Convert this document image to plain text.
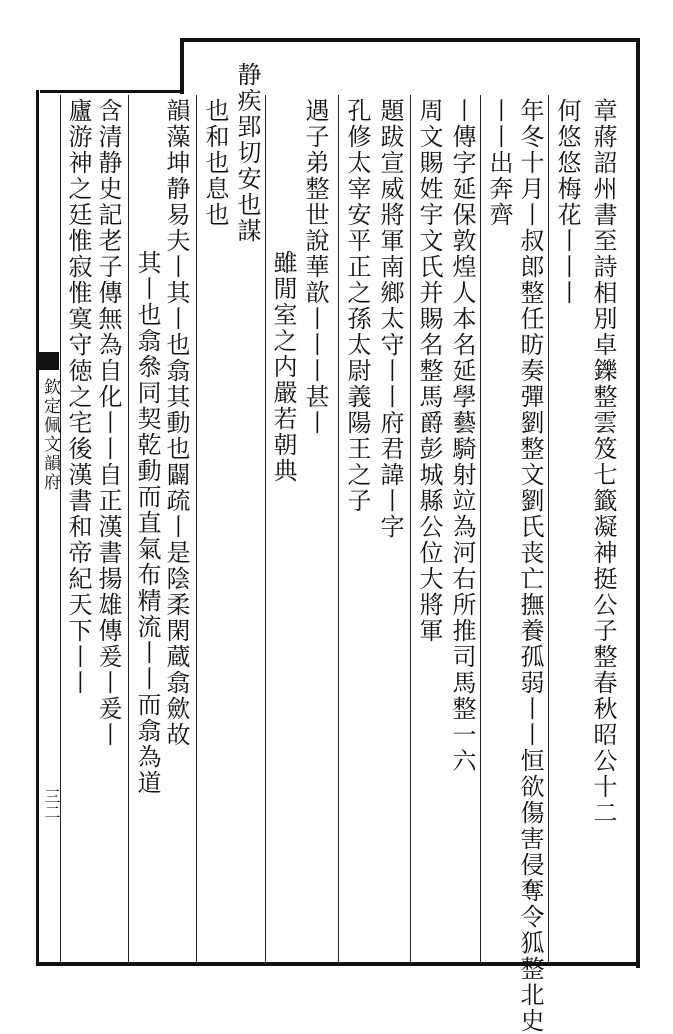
欽定佩文韻府
三二	章蔣詔州書至詩相別卓鑠整雲笈七籤凝神挺公子整春秋昭公十二
何悠悠梅花丨丨丨
年冬十月丨叔郎整任昉奏彈劉整文劉氏丧亡撫養孤弱丨丨恒欲傷害侵奪令狐整北史
丨丨出奔齊
丨傳字延保敦煌人本名延學藝騎射竝為河右所推司馬整一六
周文賜姓宇文氏并賜名整馬爵彭城縣公位大將軍
題跋宣威將軍南鄉太守丨丨府君諱丨字
孔修太宰安平正之孫太尉義陽王之子
遇子弟整世說華歆丨丨丨甚丨
雖閒室之内嚴若朝典
静疾郢切安也謀
也和也息也
韻藻坤静易夫丨其丨也翕其動也闢疏丨是陰柔閑蔵翕歛故
其丨也翕叅同契乾動而直氣布精流丨丨而翕為道
含清静史記老子傳無為自化丨丨自正漢書揚雄傳爰丨爰丨
廬游神之廷惟寂惟寞守徳之宅後漢書和帝紀天下丨丨
